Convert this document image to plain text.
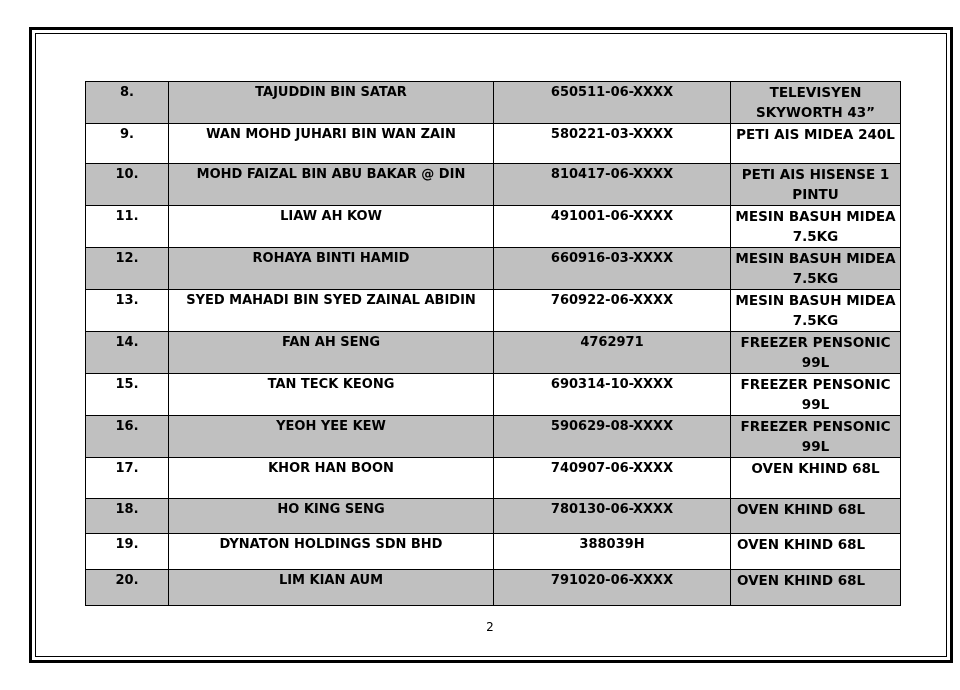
8.	TAJUDDIN BIN SATAR	650511-06-XXXX	TELEVISYEN SKYWORTH 43”
9.	WAN MOHD JUHARI BIN WAN ZAIN	580221-03-XXXX	PETI AIS MIDEA 240L
10.	MOHD FAIZAL BIN ABU BAKAR @ DIN	810417-06-XXXX	PETI AIS HISENSE 1 PINTU
11.	LIAW AH KOW	491001-06-XXXX	MESIN BASUH MIDEA 7.5KG
12.	ROHAYA BINTI HAMID	660916-03-XXXX	MESIN BASUH MIDEA 7.5KG
13.	SYED MAHADI BIN SYED ZAINAL ABIDIN	760922-06-XXXX	MESIN BASUH MIDEA 7.5KG
14.	FAN AH SENG	4762971	FREEZER PENSONIC 99L
15.	TAN TECK KEONG	690314-10-XXXX	FREEZER PENSONIC 99L
16.	YEOH YEE KEW	590629-08-XXXX	FREEZER PENSONIC 99L
17.	KHOR HAN BOON	740907-06-XXXX	OVEN KHIND 68L
18.	HO KING SENG	780130-06-XXXX	OVEN KHIND 68L
19.	DYNATON HOLDINGS SDN BHD	388039H	OVEN KHIND 68L
20.	LIM KIAN AUM	791020-06-XXXX	OVEN KHIND 68L
2
